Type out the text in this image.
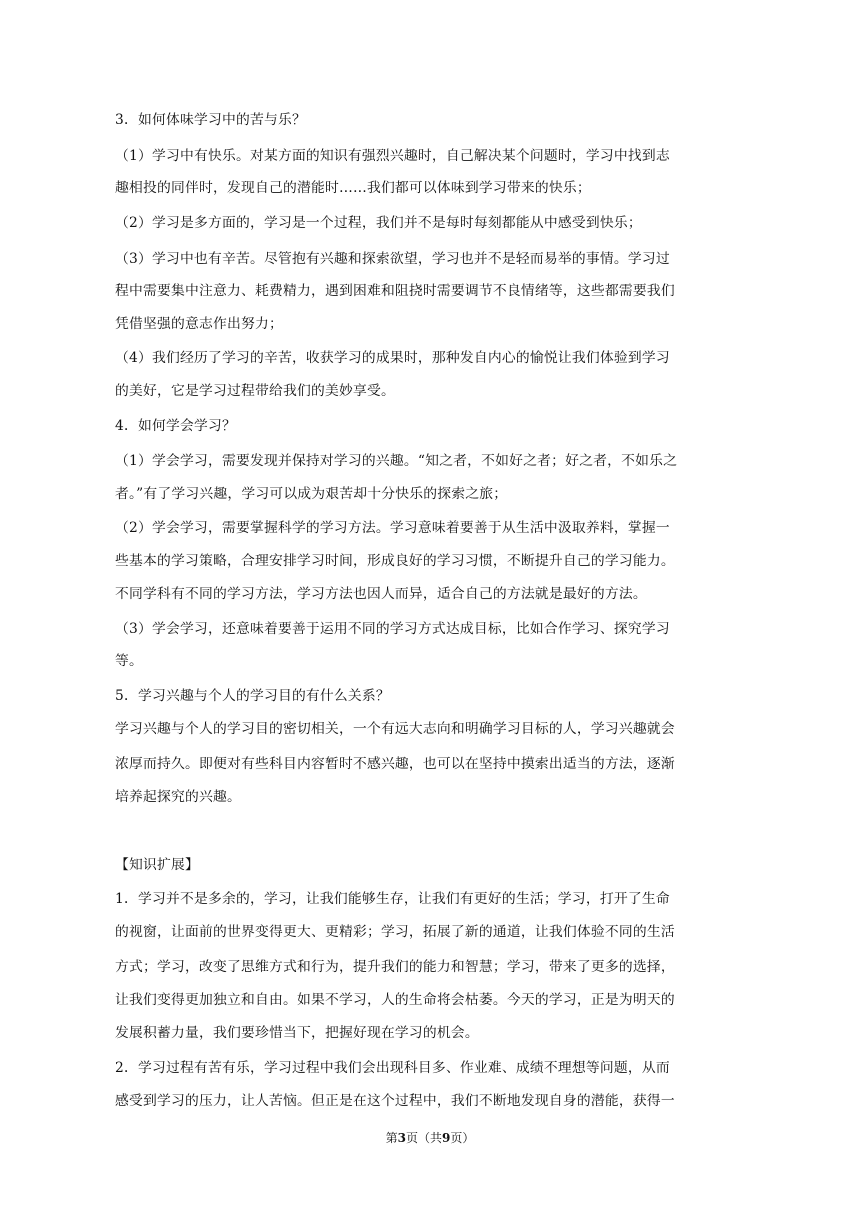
3．如何体味学习中的苦与乐？
（1）学习中有快乐。对某方面的知识有强烈兴趣时，自己解决某个问题时，学习中找到志
趣相投的同伴时，发现自己的潜能时……我们都可以体味到学习带来的快乐；
（2）学习是多方面的，学习是一个过程，我们并不是每时每刻都能从中感受到快乐；
（3）学习中也有辛苦。尽管抱有兴趣和探索欲望，学习也并不是轻而易举的事情。学习过
程中需要集中注意力、耗费精力，遇到困难和阻挠时需要调节不良情绪等，这些都需要我们
凭借坚强的意志作出努力；
（4）我们经历了学习的辛苦，收获学习的成果时，那种发自内心的愉悦让我们体验到学习
的美好，它是学习过程带给我们的美妙享受。
4．如何学会学习？
（1）学会学习，需要发现并保持对学习的兴趣。“知之者，不如好之者；好之者，不如乐之
者。”有了学习兴趣，学习可以成为艰苦却十分快乐的探索之旅；
（2）学会学习，需要掌握科学的学习方法。学习意味着要善于从生活中汲取养料，掌握一
些基本的学习策略，合理安排学习时间，形成良好的学习习惯，不断提升自己的学习能力。
不同学科有不同的学习方法，学习方法也因人而异，适合自己的方法就是最好的方法。
（3）学会学习，还意味着要善于运用不同的学习方式达成目标，比如合作学习、探究学习
等。
5．学习兴趣与个人的学习目的有什么关系？
学习兴趣与个人的学习目的密切相关，一个有远大志向和明确学习目标的人，学习兴趣就会
浓厚而持久。即便对有些科目内容暂时不感兴趣，也可以在坚持中摸索出适当的方法，逐渐
培养起探究的兴趣。
【知识扩展】
1．学习并不是多余的，学习，让我们能够生存，让我们有更好的生活；学习，打开了生命
的视窗，让面前的世界变得更大、更精彩；学习，拓展了新的通道，让我们体验不同的生活
方式；学习，改变了思维方式和行为，提升我们的能力和智慧；学习，带来了更多的选择，
让我们变得更加独立和自由。如果不学习，人的生命将会枯萎。今天的学习，正是为明天的
发展积蓄力量，我们要珍惜当下，把握好现在学习的机会。
2．学习过程有苦有乐，学习过程中我们会出现科目多、作业难、成绩不理想等问题，从而
感受到学习的压力，让人苦恼。但正是在这个过程中，我们不断地发现自身的潜能，获得一
第3页（共9页）
